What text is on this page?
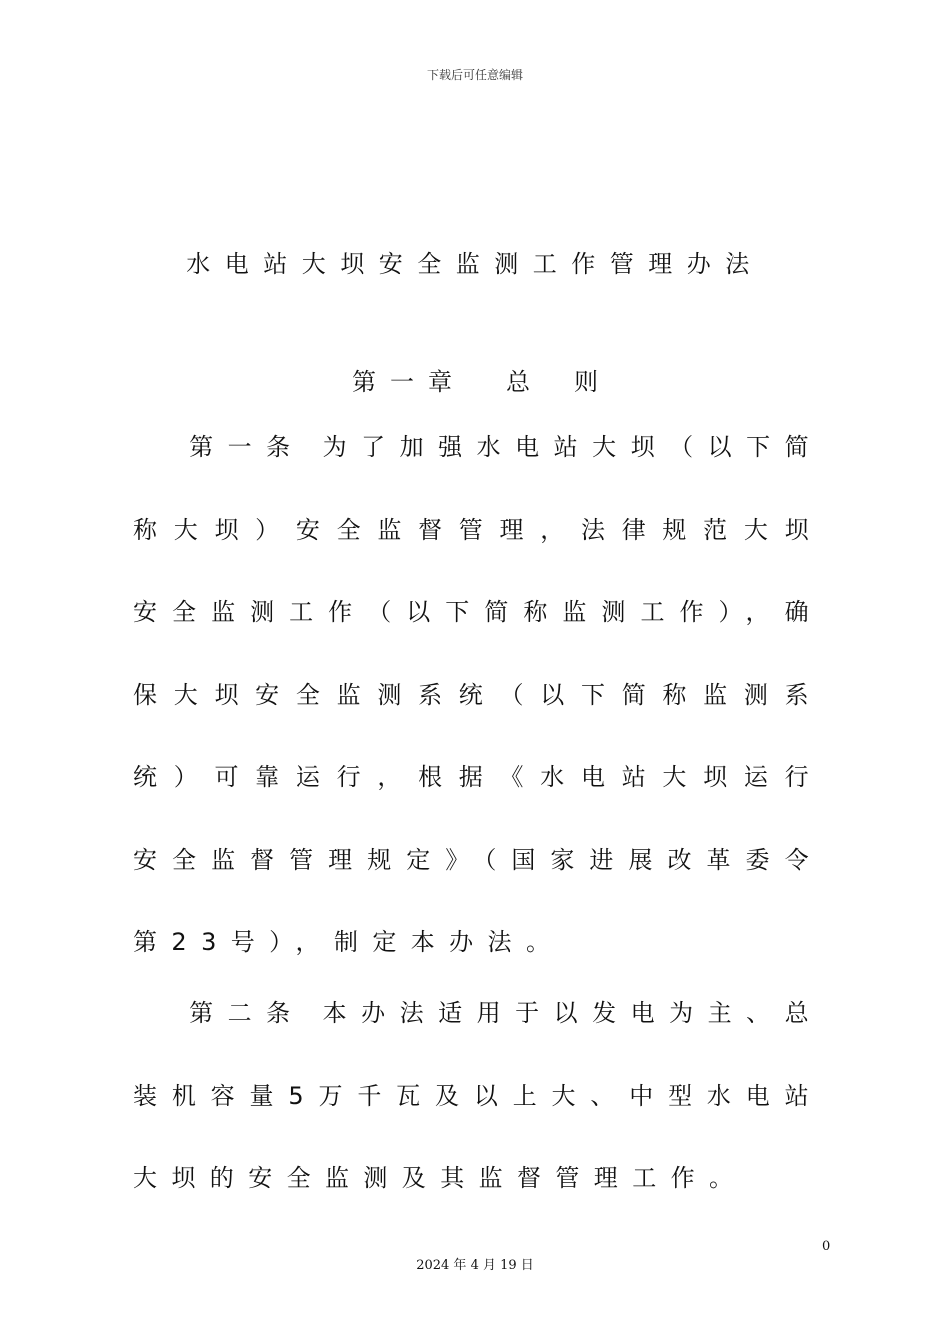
下载后可任意编辑
水电站大坝安全监测工作管理办法
第一章 总 则
第一条 为了加强水电站大坝（以下简称大坝）安全监督管理，法律规范大坝安全监测工作（以下简称监测工作），确保大坝安全监测系统（以下简称监测系统）可靠运行，根据《水电站大坝运行安全监督管理规定》（国家进展改革委令第23号），制定本办法。
第二条 本办法适用于以发电为主、总装机容量5万千瓦及以上大、中型水电站大坝的安全监测及其监督管理工作。
0
2024 年 4 月 19 日
